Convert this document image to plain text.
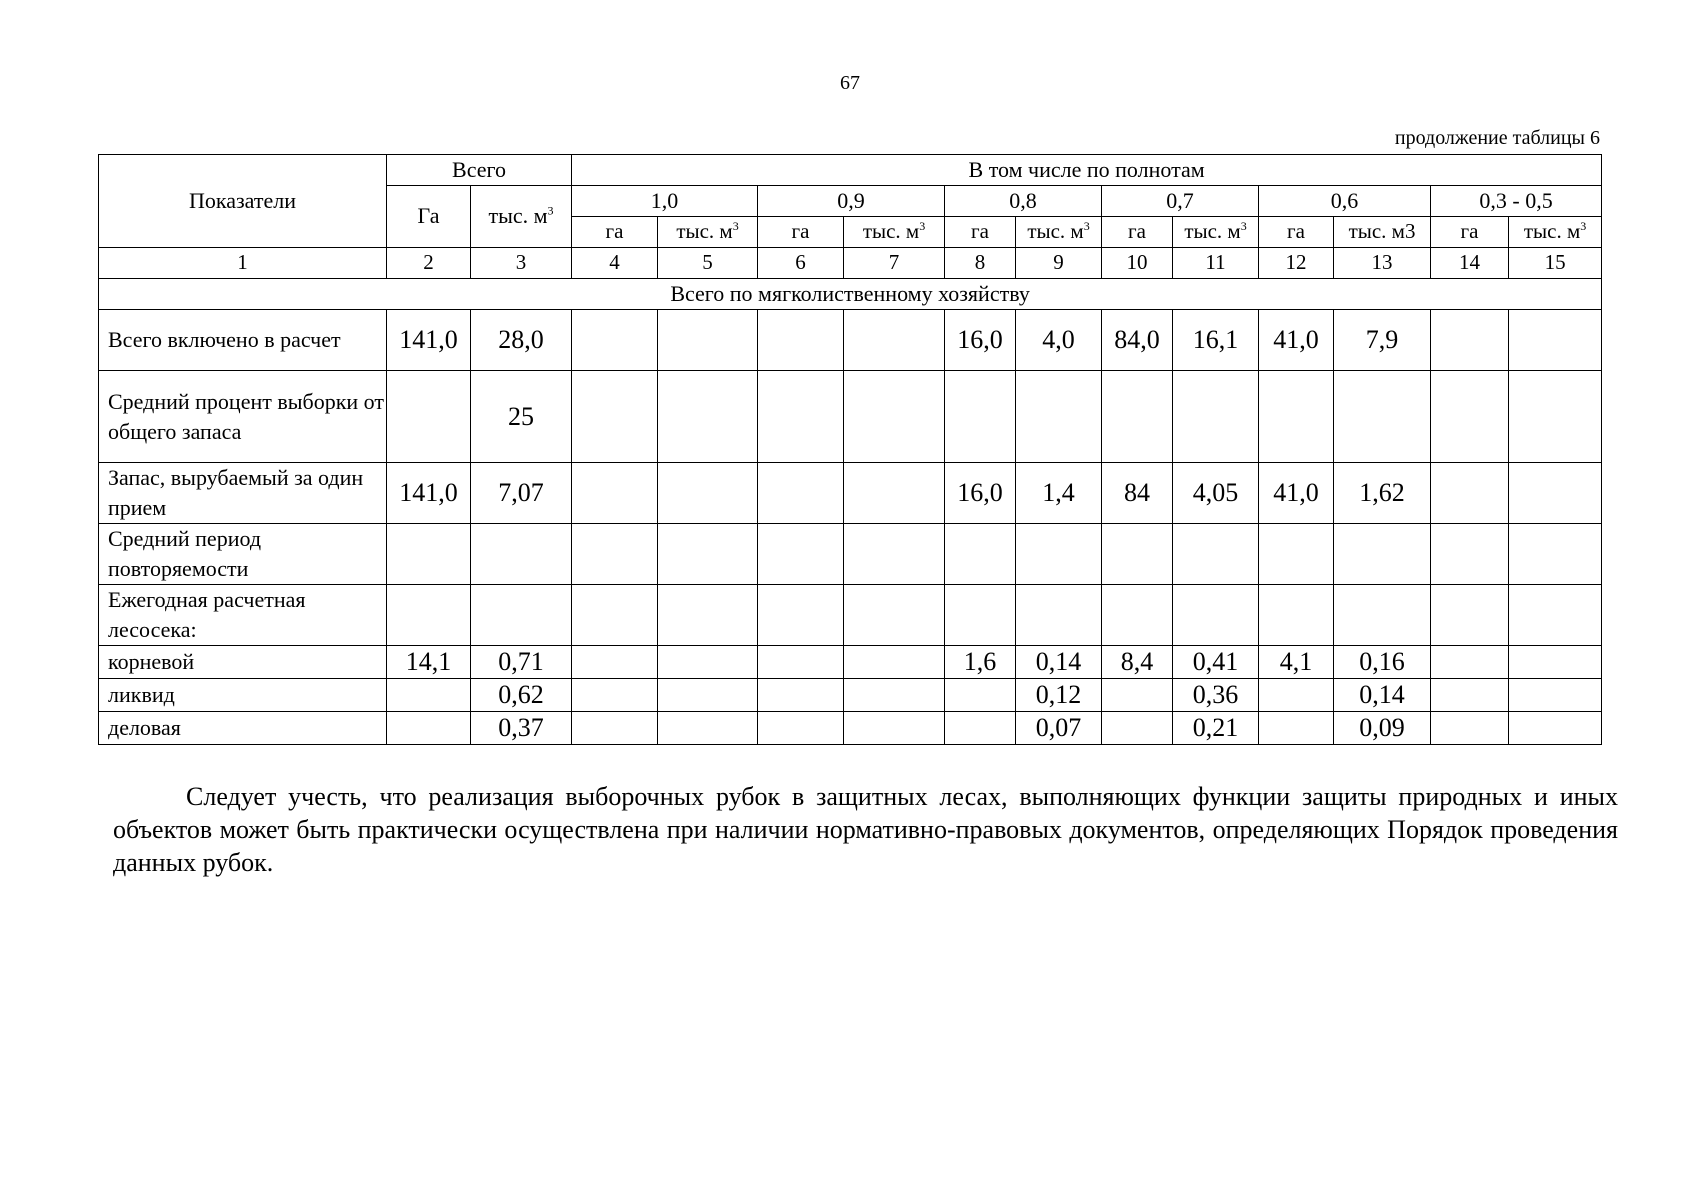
67
продолжение таблицы 6
Показатели	Всего		В том числе по полнотам											
	Га	тыс. $м^3$	1,0		0,9		0,8		0,7		0,6		0,3 - 0,5	
			га	тыс. $м^3$	га	тыс. $м^3$	га	тыс. $м^3$	га	тыс. $м^3$	га	тыс. м3	га	тыс. $м^3$
1	2	3	4	5	6	7	8	9	10	11	12	13	14	15
Всего по мягколиственному хозяйству														
Всего включено в расчет	141,0	28,0					16,0	4,0	84,0	16,1	41,0	7,9		
Средний процент выборки от общего запаса		25												
Запас, вырубаемый за один прием	141,0	7,07					16,0	1,4	84	4,05	41,0	1,62		
Средний период повторяемости														
Ежегодная расчетная лесосека:														
корневой	14,1	0,71					1,6	0,14	8,4	0,41	4,1	0,16		
ликвид		0,62						0,12		0,36		0,14		
деловая		0,37						0,07		0,21		0,09		

Следует учесть, что реализация выборочных рубок в защитных лесах, выполняющих функции защиты природных и иных объектов может быть практически осуществлена при наличии нормативно-правовых документов, определяющих Порядок проведения данных рубок.
